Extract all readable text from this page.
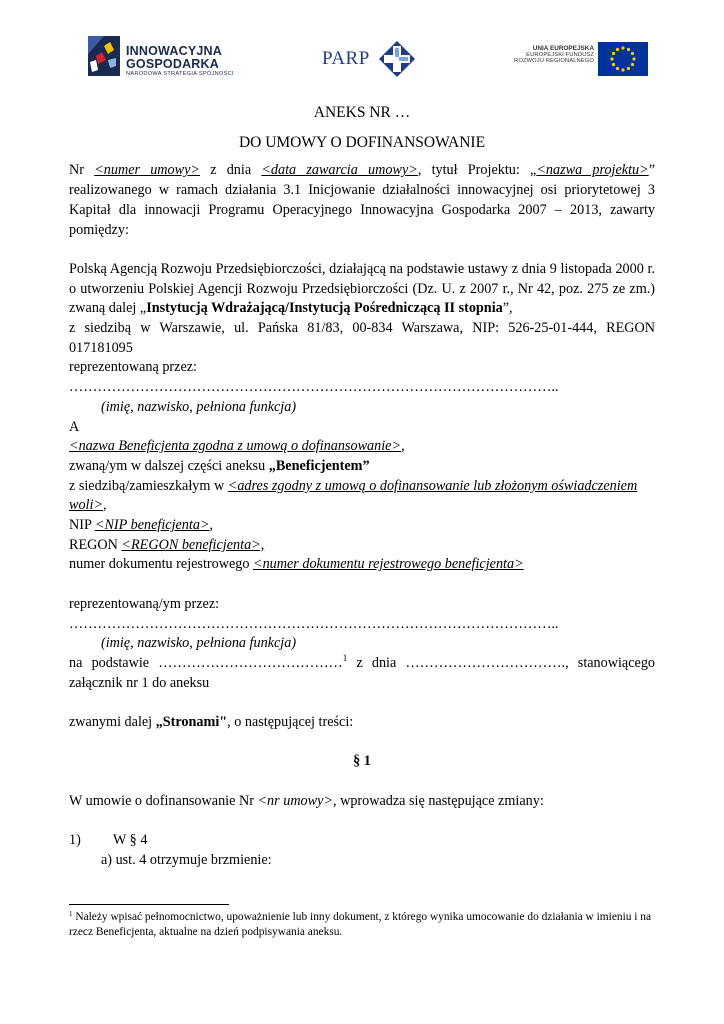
INNOWACYJNA
GOSPODARKA
NARODOWA STRATEGIA SPÓJNOŚCI
PARP	UNIA EUROPEJSKA
EUROPEJSKI FUNDUSZ
ROZWOJU REGIONALNEGO
ANEKS NR …
DO UMOWY O DOFINANSOWANIE

Nr <numer umowy> z dnia <data zawarcia umowy>, tytuł Projektu: „<nazwa projektu>” realizowanego w ramach działania 3.1 Inicjowanie działalności innowacyjnej osi priorytetowej 3 Kapitał dla innowacji Programu Operacyjnego Innowacyjna Gospodarka 2007 – 2013, zawarty pomiędzy:

Polską Agencją Rozwoju Przedsiębiorczości, działającą na podstawie ustawy z dnia 9 listopada 2000 r. o utworzeniu Polskiej Agencji Rozwoju Przedsiębiorczości (Dz. U. z 2007 r., Nr 42, poz. 275 ze zm.) zwaną dalej „Instytucją Wdrażającą/Instytucją Pośredniczącą II stopnia”,

z siedzibą w Warszawie, ul. Pańska 81/83, 00-834 Warszawa, NIP: 526-25-01-444, REGON 017181095

reprezentowaną przez:

…………………………………………………………………………………………..

(imię, nazwisko, pełniona funkcja)

A

<nazwa Beneficjenta zgodna z umową o dofinansowanie>,

zwaną/ym w dalszej części aneksu „Beneficjentem”

z siedzibą/zamieszkałym w <adres zgodny z umową o dofinansowanie lub złożonym oświadczeniem woli>,

NIP <NIP beneficjenta>,

REGON <REGON beneficjenta>,

numer dokumentu rejestrowego <numer dokumentu rejestrowego beneficjenta>

reprezentowaną/ym przez:

…………………………………………………………………………………………..

(imię, nazwisko, pełniona funkcja)

na podstawie …………………………………$^1$ z dnia ……………………………., stanowiącego załącznik nr 1 do aneksu

zwanymi dalej „Stronami", o następującej treści:

§ 1

W umowie o dofinansowanie Nr <nr umowy>, wprowadza się następujące zmiany:

1)	W § 4

a) ust. 4 otrzymuje brzmienie:

$^1$ Należy wpisać pełnomocnictwo, upoważnienie lub inny dokument, z którego wynika umocowanie do działania w imieniu i na rzecz Beneficjenta, aktualne na dzień podpisywania aneksu.
